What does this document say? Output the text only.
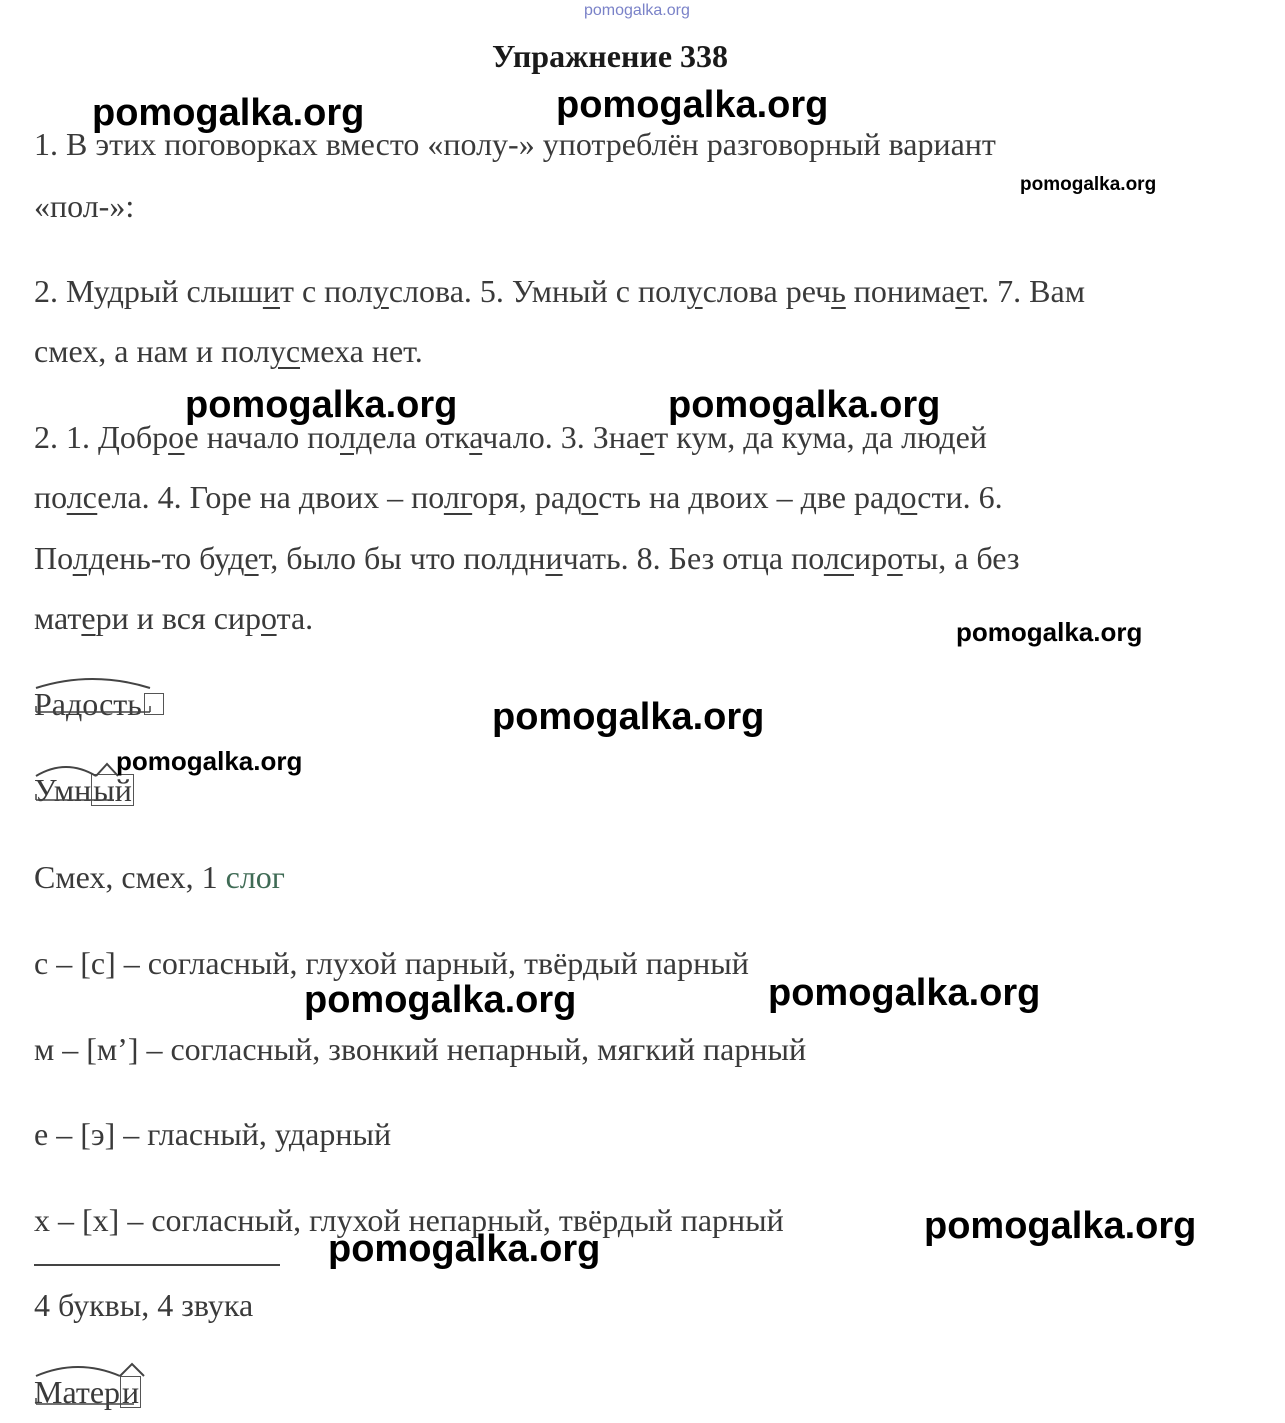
pomogalka.org
Упражнение 338
1. В этих поговорках вместо «полу-» употреблён разговорный вариант
«пол-»:
2. Мудрый слышит с полуслова. 5. Умный с полуслова речь понимает. 7. Вам
смех, а нам и полусмеха нет.
2. 1. Доброе начало полдела откачало. 3. Знает кум, да кума, да людей
полсела. 4. Горе на двоих – полгоря, радость на двоих – две радости. 6.
Полдень-то будет, было бы что полдничать. 8. Без отца полсироты, а без
матери и вся сирота.
Радость
Умный
Смех, смех, 1 слог
с – [с] – согласный, глухой парный, твёрдый парный
м – [м’] – согласный, звонкий непарный, мягкий парный
е – [э] – гласный, ударный
х – [х] – согласный, глухой непарный, твёрдый парный
4 буквы, 4 звука
Матери
pomogalka.org	pomogalka.org
pomogalka.org
pomogalka.org	pomogalka.org
pomogalka.org
pomogalka.org
pomogalka.org
pomogalka.org	pomogalka.org
pomogalka.org
pomogalka.org
